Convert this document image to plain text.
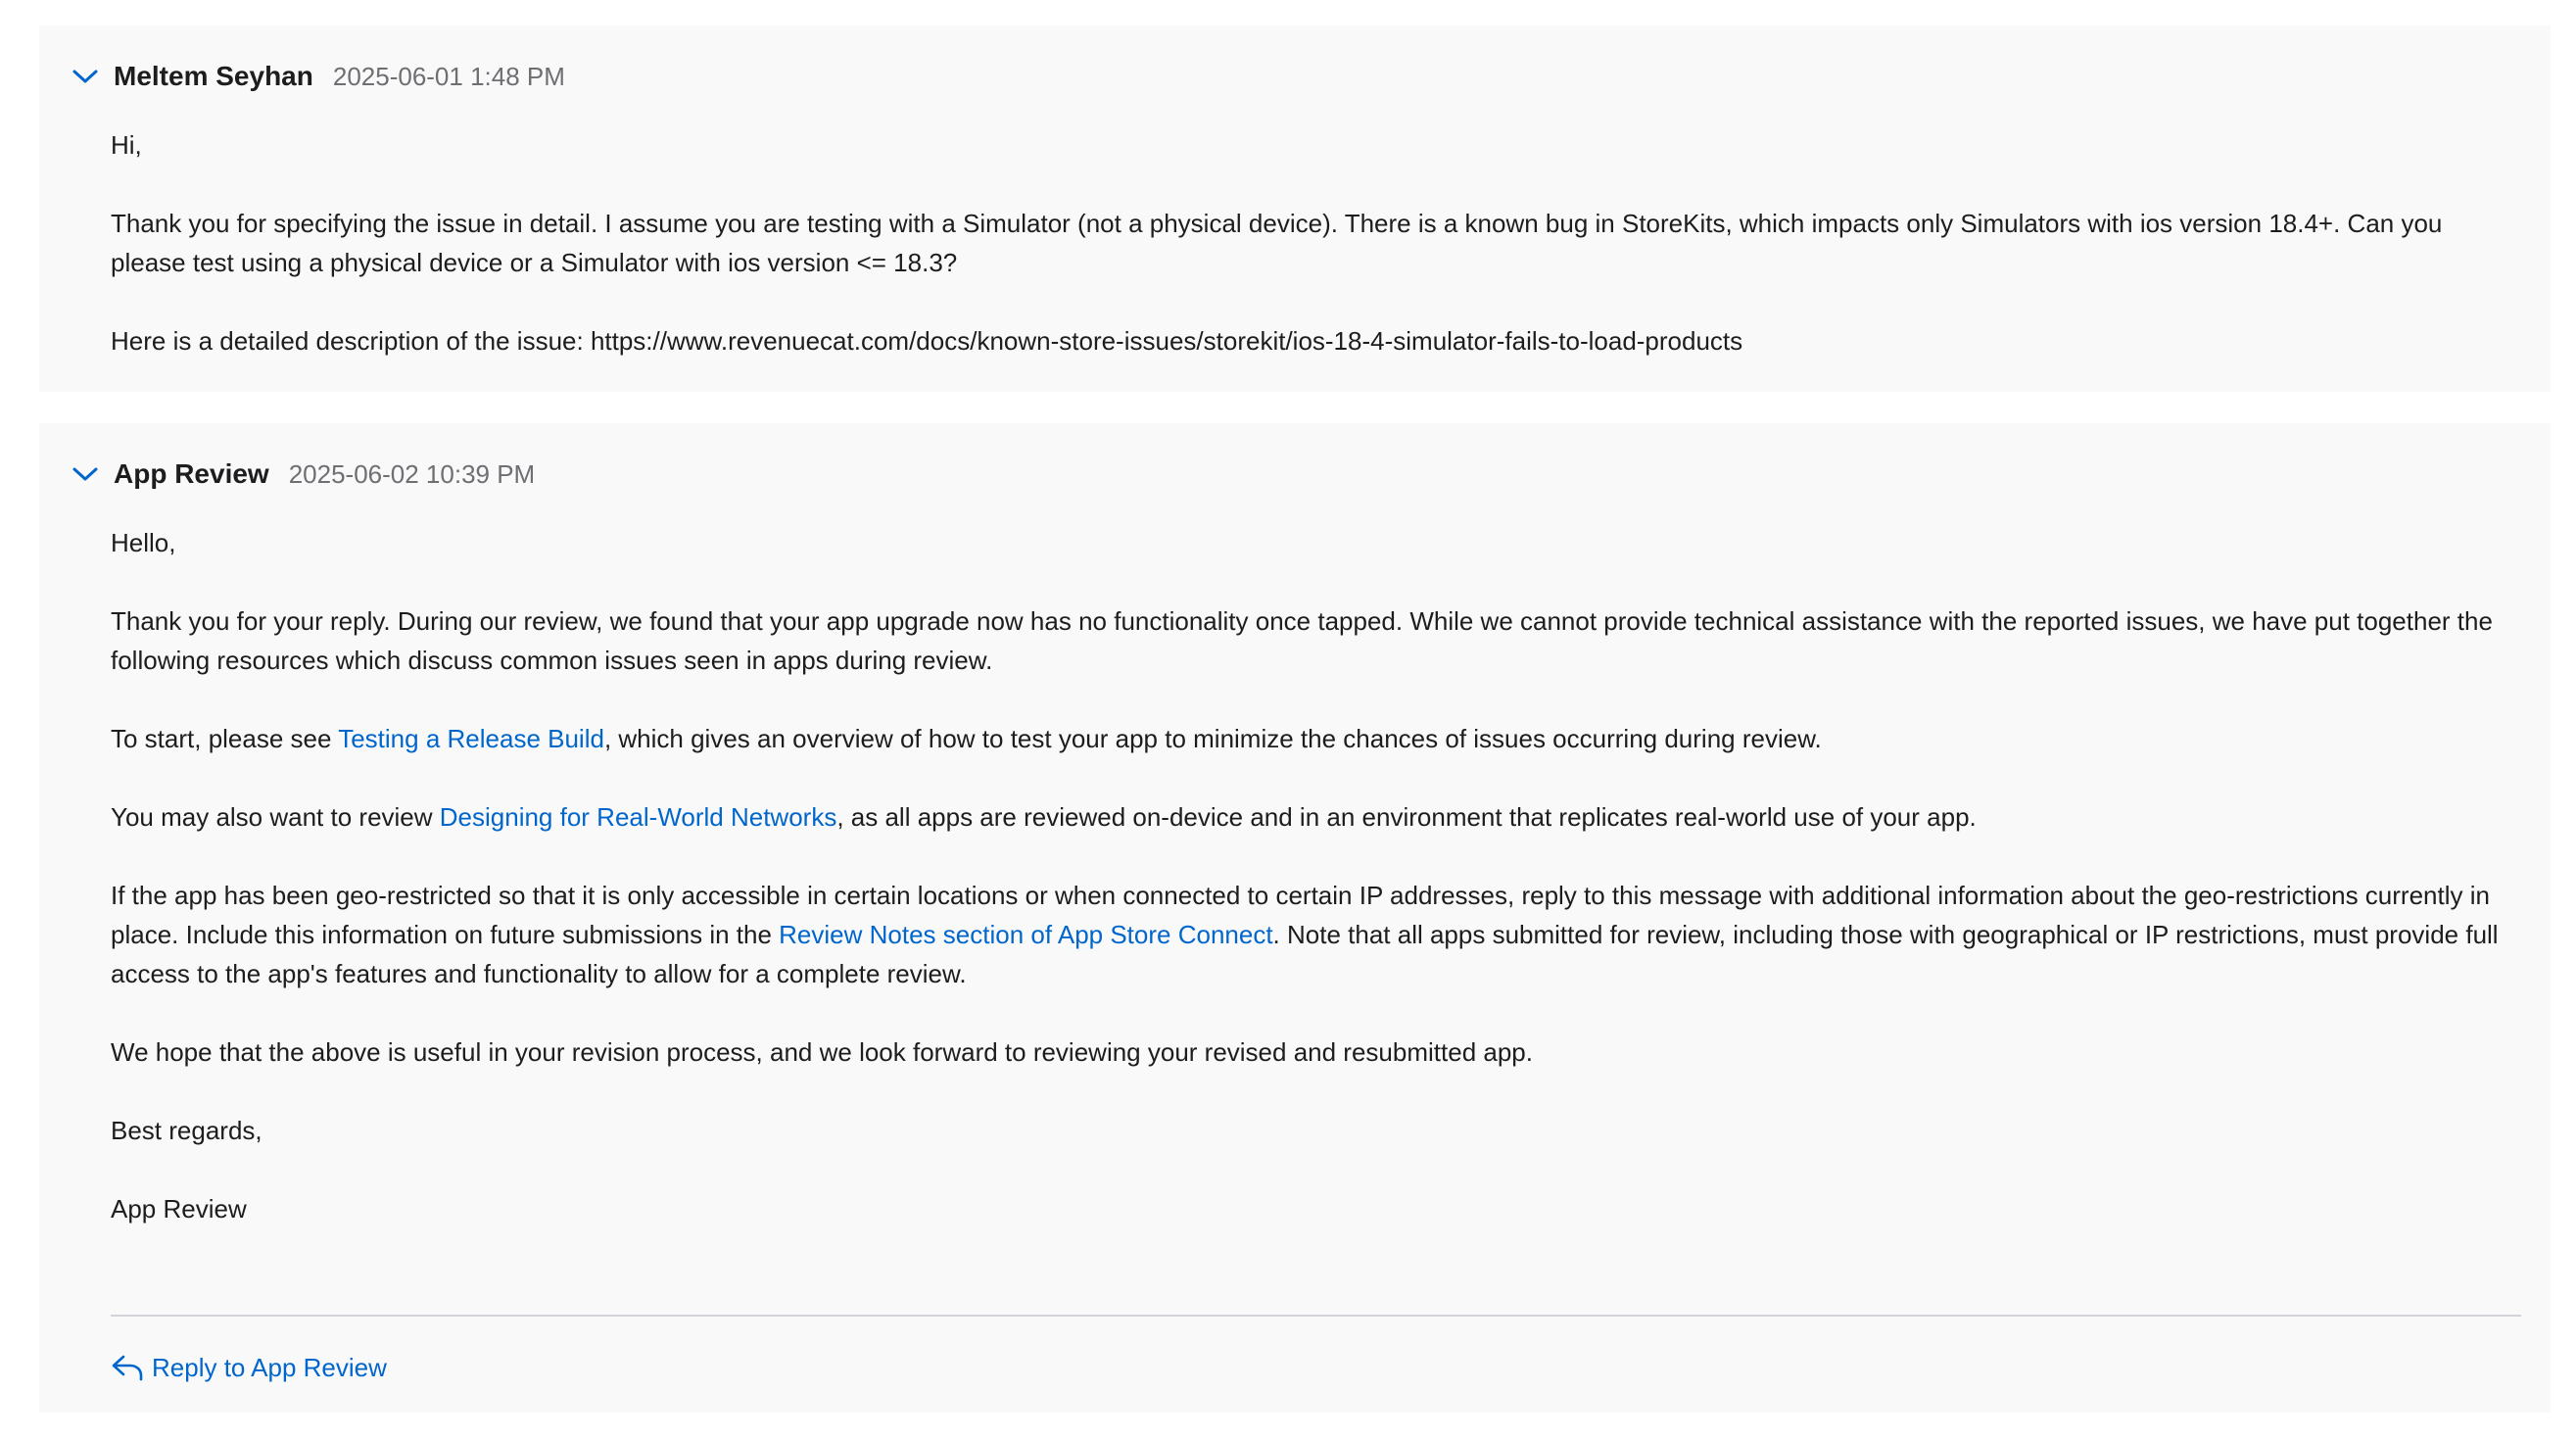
Meltem Seyhan 2025-06-01 1:48 PM

Hi,

Thank you for specifying the issue in detail. I assume you are testing with a Simulator (not a physical device). There is a known bug in StoreKits, which impacts only Simulators with ios version 18.4+. Can you please test using a physical device or a Simulator with ios version <= 18.3?

Here is a detailed description of the issue: https://www.revenuecat.com/docs/known-store-issues/storekit/ios-18-4-simulator-fails-to-load-products

App Review 2025-06-02 10:39 PM

Hello,

Thank you for your reply. During our review, we found that your app upgrade now has no functionality once tapped. While we cannot provide technical assistance with the reported issues, we have put together the following resources which discuss common issues seen in apps during review.

To start, please see Testing a Release Build, which gives an overview of how to test your app to minimize the chances of issues occurring during review.

You may also want to review Designing for Real-World Networks, as all apps are reviewed on-device and in an environment that replicates real-world use of your app.

If the app has been geo-restricted so that it is only accessible in certain locations or when connected to certain IP addresses, reply to this message with additional information about the geo-restrictions currently in place. Include this information on future submissions in the Review Notes section of App Store Connect. Note that all apps submitted for review, including those with geographical or IP restrictions, must provide full access to the app's features and functionality to allow for a complete review.

We hope that the above is useful in your revision process, and we look forward to reviewing your revised and resubmitted app.

Best regards,

App Review

Reply to App Review
